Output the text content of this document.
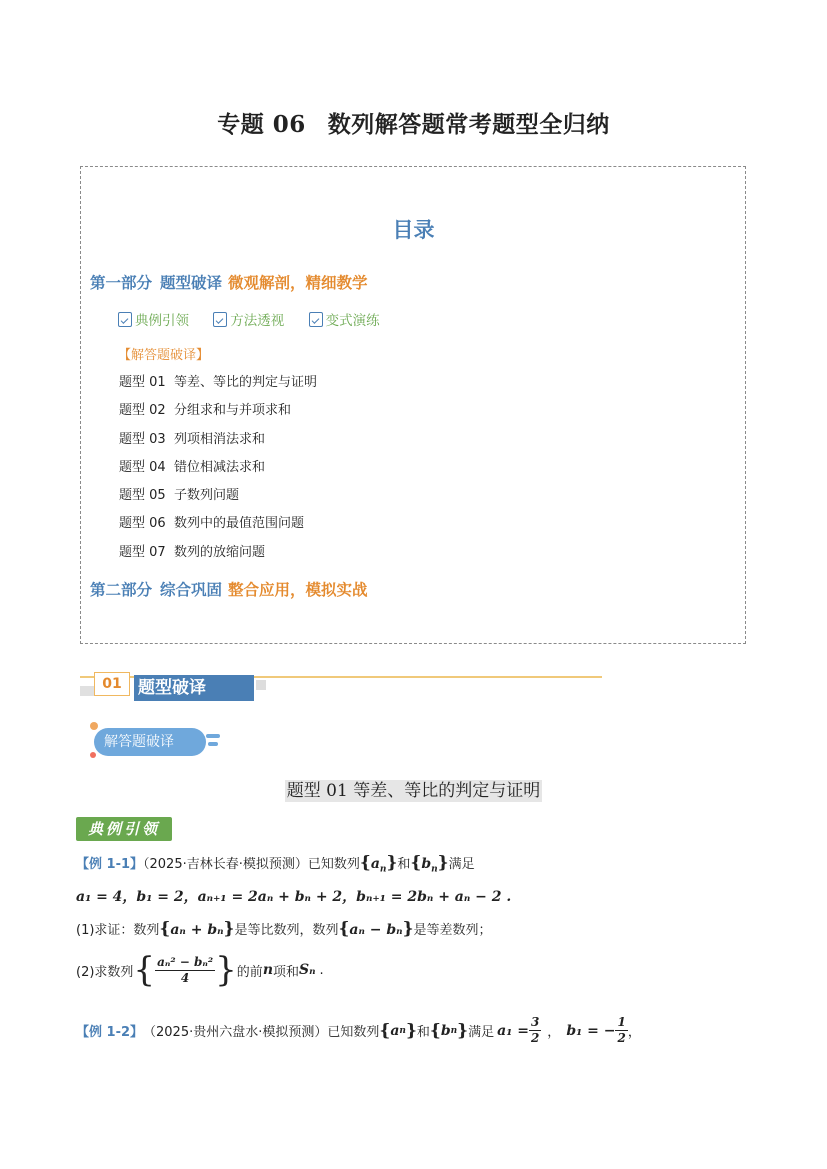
专题 06 数列解答题常考题型全归纳
目录
第一部分 题型破译 微观解剖，精细教学
典例引领
	方法透视
	变式演练
【解答题破译】
题型 01 等差、等比的判定与证明
题型 02 分组求和与并项求和
题型 03 列项相消法求和
题型 04 错位相减法求和
题型 05 子数列问题
题型 06 数列中的最值范围问题
题型 07 数列的放缩问题
第二部分 综合巩固 整合应用，模拟实战
01 题型破译
解答题破译
题型 01 等差、等比的判定与证明
典例引领
【例 1-1】（2025·吉林长春·模拟预测）已知数列$\{a_n\}$和$\{b_n\}$满足
a₁ = 4，b₁ = 2，aₙ₊₁ = 2aₙ + bₙ + 2，bₙ₊₁ = 2bₙ + aₙ − 2 .
(1)求证：数列{aₙ + bₙ}是等比数列，数列{aₙ − bₙ}是等差数列；
(2)求数列 { $\frac{\text{aₙ² − bₙ²}}{4}$ } 的前 n 项和 Sₙ .
【例 1-2】 （2025·贵州六盘水·模拟预测）已知数列 { a n } 和 { b n } 满足 $a_1 = \frac{3}{2}$ ， b₁ = − $\frac{1}{2}$ ，
